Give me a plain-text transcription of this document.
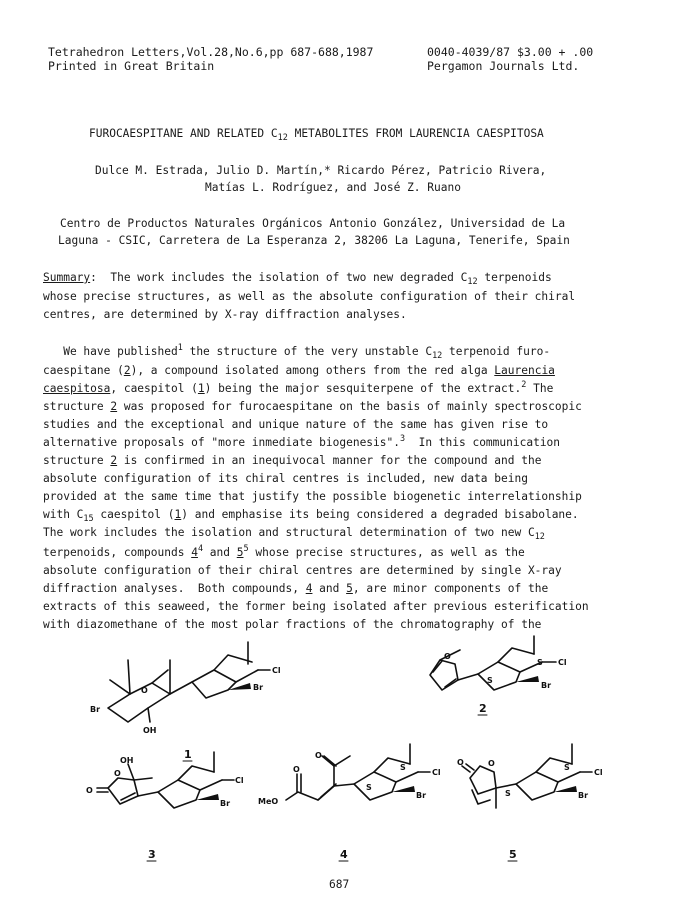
Tetrahedron Letters,Vol.28,No.6,pp 687-688,1987
Printed in Great Britain
0040-4039/87 $3.00 + .00
Pergamon Journals Ltd.
FUROCAESPITANE AND RELATED $C_{12}$ METABOLITES FROM LAURENCIA CAESPITOSA
Dulce M. Estrada, Julio D. Martín,* Ricardo Pérez, Patricio Rivera,
Matías L. Rodríguez, and José Z. Ruano
Centro de Productos Naturales Orgánicos Antonio González, Universidad de La
Laguna - CSIC, Carretera de La Esperanza 2, 38206 La Laguna, Tenerife, Spain
Summary:  The work includes the isolation of two new degraded $C_{12}$ terpenoids
whose precise structures, as well as the absolute configuration of their chiral
centres, are determined by X-ray diffraction analyses.
We have published$^1$ the structure of the very unstable $C_{12}$ terpenoid furo-
caespitane (2), a compound isolated among others from the red alga Laurencia
caespitosa, caespitol (1) being the major sesquiterpene of the extract.$^2$ The
structure 2 was proposed for furocaespitane on the basis of mainly spectroscopic
studies and the exceptional and unique nature of the same has given rise to
alternative proposals of "more inmediate biogenesis".$^3$  In this communication
structure 2 is confirmed in an inequivocal manner for the compound and the
absolute configuration of its chiral centres is included, new data being
provided at the same time that justify the possible biogenetic interrelationship
with $C_{15}$ caespitol (1) and emphasise its being considered a degraded bisabolane.
The work includes the isolation and structural determination of two new $C_{12}$
terpenoids, compounds $4^4$ and $5^5$ whose precise structures, as well as the
absolute configuration of their chiral centres are determined by single X-ray
diffraction analyses.  Both compounds, 4 and 5, are minor components of the
extracts of this seaweed, the former being isolated after previous esterification
with diazomethane of the most polar fractions of the chromatography of the
O
Cl
Br
Br
OH
1
O
S
S
Cl
Br
2
O
O
OH
Cl
Br
3
O
O
MeO
S
S
Cl
Br
4
O	O	S
S
Cl
Br
5
687
